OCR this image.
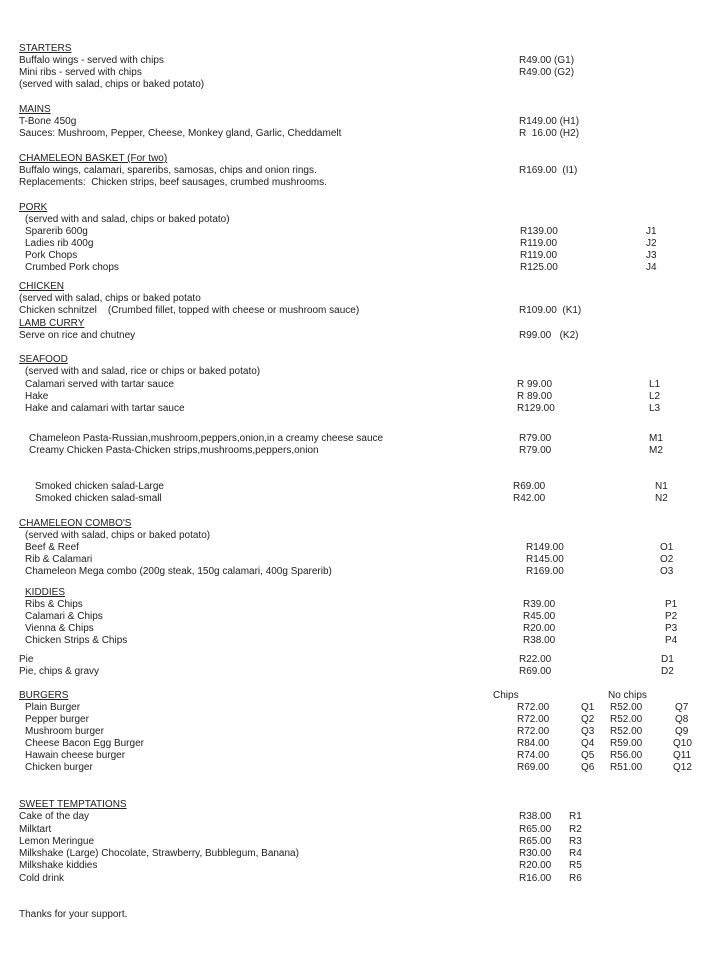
STARTERS
Buffalo wings - served with chips	R49.00 (G1)
Mini ribs - served with chips	R49.00 (G2)
(served with salad, chips or baked potato)
MAINS
T-Bone 450g	R149.00 (H1)
Sauces: Mushroom, Pepper, Cheese, Monkey gland, Garlic, Cheddamelt	R  16.00 (H2)
CHAMELEON BASKET (For two)
Buffalo wings, calamari, spareribs, samosas, chips and onion rings.	R169.00  (I1)
Replacements:  Chicken strips, beef sausages, crumbed mushrooms.
PORK
(served with and salad, chips or baked potato)
Sparerib 600g	R139.00	J1
Ladies rib 400g	R119.00	J2
Pork Chops	R119.00	J3
Crumbed Pork chops	R125.00	J4
CHICKEN
(served with salad, chips or baked potato
Chicken schnitzel    (Crumbed fillet, topped with cheese or mushroom sauce)	R109.00  (K1)
LAMB CURRY
Serve on rice and chutney	R99.00   (K2)
SEAFOOD
(served with and salad, rice or chips or baked potato)
Calamari served with tartar sauce	R 99.00	L1
Hake	R 89.00	L2
Hake and calamari with tartar sauce	R129.00	L3
Chameleon Pasta-Russian,mushroom,peppers,onion,in a creamy cheese sauce	R79.00	M1
Creamy Chicken Pasta-Chicken strips,mushrooms,peppers,onion	R79.00	M2
Smoked chicken salad-Large	R69.00	N1
Smoked chicken salad-small	R42.00	N2
CHAMELEON COMBO'S
(served with salad, chips or baked potato)
Beef & Reef	R149.00	O1
Rib & Calamari	R145.00	O2
Chameleon Mega combo (200g steak, 150g calamari, 400g Sparerib)	R169.00	O3
KIDDIES
Ribs & Chips	R39.00	P1
Calamari & Chips	R45.00	P2
Vienna & Chips	R20.00	P3
Chicken Strips & Chips	R38.00	P4
Pie	R22.00	D1
Pie, chips & gravy	R69.00	D2
BURGERS	Chips	No chips
Plain Burger	R72.00	Q1 R52.00	Q7
Pepper burger	R72.00	Q2 R52.00	Q8
Mushroom burger	R72.00	Q3 R52.00	Q9
Cheese Bacon Egg Burger	R84.00	Q4 R59.00	Q10
Hawain cheese burger	R74.00	Q5 R56.00	Q11
Chicken burger	R69.00	Q6 R51.00	Q12
SWEET TEMPTATIONS
Cake of the day	R38.00 R1
Milktart	R65.00 R2
Lemon Meringue	R65.00 R3
Milkshake (Large) Chocolate, Strawberry, Bubblegum, Banana)	R30.00 R4
Milkshake kiddies	R20.00 R5
Cold drink	R16.00 R6
Thanks for your support.
